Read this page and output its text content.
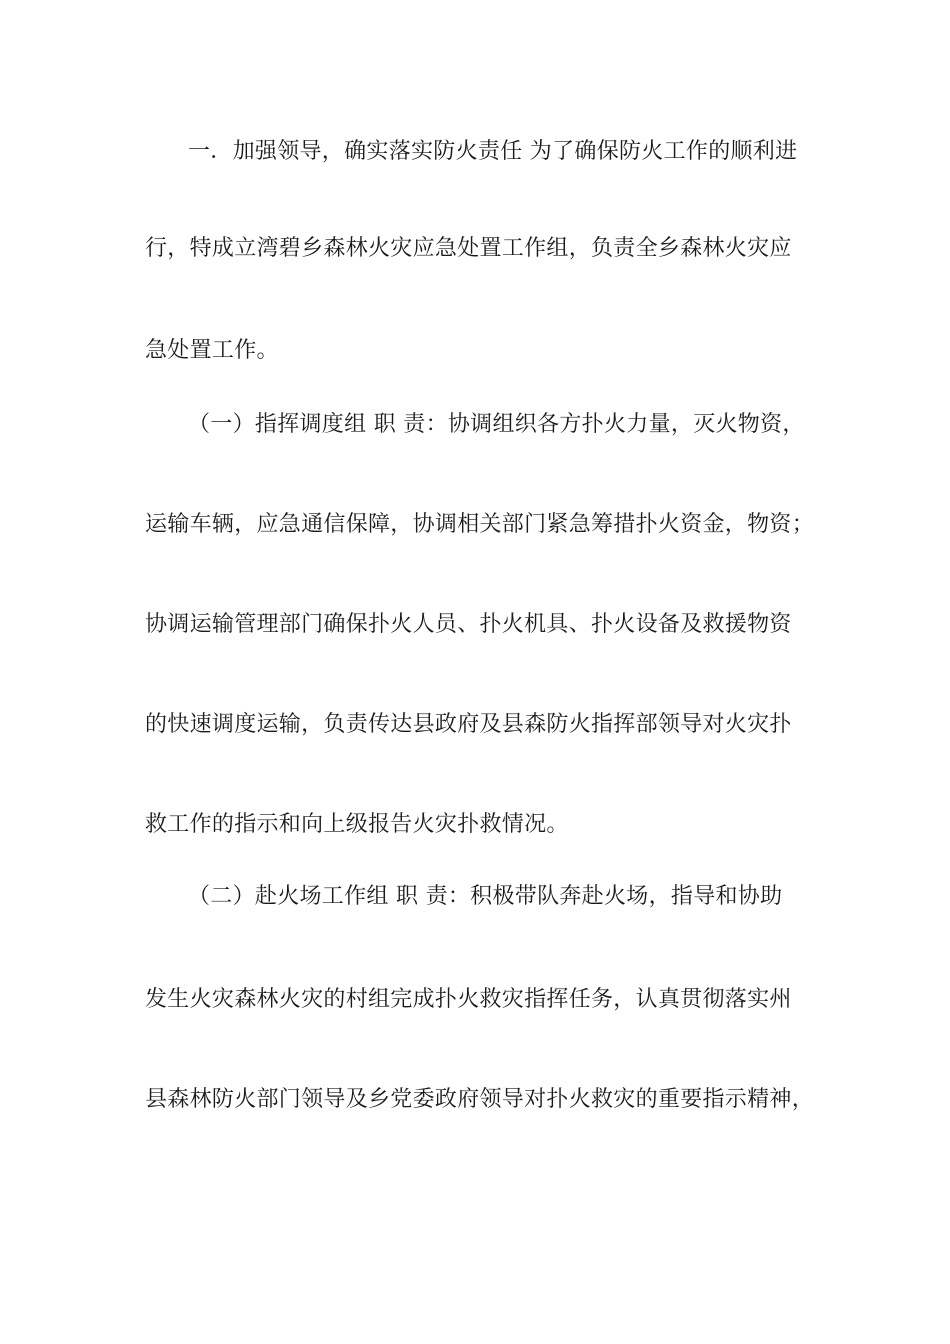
一．加强领导，确实落实防火责任 为了确保防火工作的顺利进
行，特成立湾碧乡森林火灾应急处置工作组，负责全乡森林火灾应
急处置工作。
（一）指挥调度组 职 责：协调组织各方扑火力量，灭火物资，
运输车辆，应急通信保障，协调相关部门紧急筹措扑火资金，物资；
协调运输管理部门确保扑火人员、扑火机具、扑火设备及救援物资
的快速调度运输，负责传达县政府及县森防火指挥部领导对火灾扑
救工作的指示和向上级报告火灾扑救情况。
（二）赴火场工作组 职 责：积极带队奔赴火场，指导和协助
发生火灾森林火灾的村组完成扑火救灾指挥任务，认真贯彻落实州
县森林防火部门领导及乡党委政府领导对扑火救灾的重要指示精神，
